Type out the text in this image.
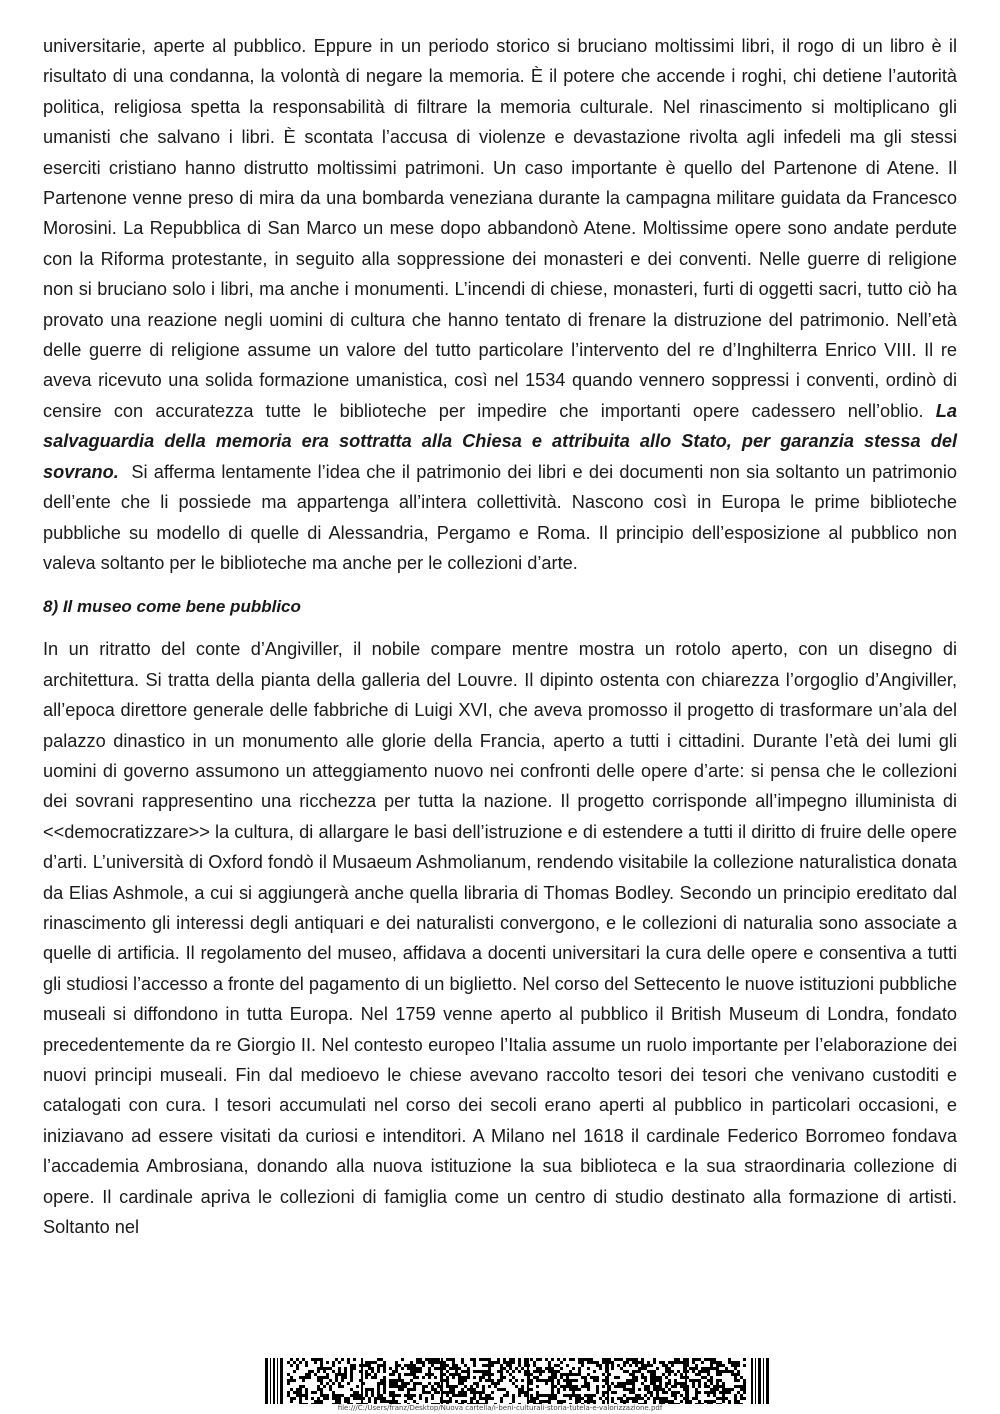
universitarie, aperte al pubblico. Eppure in un periodo storico si bruciano moltissimi libri, il rogo di un libro è il risultato di una condanna, la volontà di negare la memoria. È il potere che accende i roghi, chi detiene l’autorità politica, religiosa spetta la responsabilità di filtrare la memoria culturale. Nel rinascimento si moltiplicano gli umanisti che salvano i libri. È scontata l’accusa di violenze e devastazione rivolta agli infedeli ma gli stessi eserciti cristiano hanno distrutto moltissimi patrimoni. Un caso importante è quello del Partenone di Atene. Il Partenone venne preso di mira da una bombarda veneziana durante la campagna militare guidata da Francesco Morosini. La Repubblica di San Marco un mese dopo abbandonò Atene. Moltissime opere sono andate perdute con la Riforma protestante, in seguito alla soppressione dei monasteri e dei conventi. Nelle guerre di religione non si bruciano solo i libri, ma anche i monumenti. L’incendi di chiese, monasteri, furti di oggetti sacri, tutto ciò ha provato una reazione negli uomini di cultura che hanno tentato di frenare la distruzione del patrimonio. Nell’età delle guerre di religione assume un valore del tutto particolare l’intervento del re d’Inghilterra Enrico VIII. Il re aveva ricevuto una solida formazione umanistica, così nel 1534 quando vennero soppressi i conventi, ordinò di censire con accuratezza tutte le biblioteche per impedire che importanti opere cadessero nell’oblio. La salvaguardia della memoria era sottratta alla Chiesa e attribuita allo Stato, per garanzia stessa del sovrano. Si afferma lentamente l’idea che il patrimonio dei libri e dei documenti non sia soltanto un patrimonio dell’ente che li possiede ma appartenga all’intera collettività. Nascono così in Europa le prime biblioteche pubbliche su modello di quelle di Alessandria, Pergamo e Roma. Il principio dell’esposizione al pubblico non valeva soltanto per le biblioteche ma anche per le collezioni d’arte.

8) Il museo come bene pubblico

In un ritratto del conte d’Angiviller, il nobile compare mentre mostra un rotolo aperto, con un disegno di architettura. Si tratta della pianta della galleria del Louvre. Il dipinto ostenta con chiarezza l’orgoglio d’Angiviller, all’epoca direttore generale delle fabbriche di Luigi XVI, che aveva promosso il progetto di trasformare un’ala del palazzo dinastico in un monumento alle glorie della Francia, aperto a tutti i cittadini. Durante l’età dei lumi gli uomini di governo assumono un atteggiamento nuovo nei confronti delle opere d’arte: si pensa che le collezioni dei sovrani rappresentino una ricchezza per tutta la nazione. Il progetto corrisponde all’impegno illuminista di <<democratizzare>> la cultura, di allargare le basi dell’istruzione e di estendere a tutti il diritto di fruire delle opere d’arti. L’università di Oxford fondò il Musaeum Ashmolianum, rendendo visitabile la collezione naturalistica donata da Elias Ashmole, a cui si aggiungerà anche quella libraria di Thomas Bodley. Secondo un principio ereditato dal rinascimento gli interessi degli antiquari e dei naturalisti convergono, e le collezioni di naturalia sono associate a quelle di artificia. Il regolamento del museo, affidava a docenti universitari la cura delle opere e consentiva a tutti gli studiosi l’accesso a fronte del pagamento di un biglietto. Nel corso del Settecento le nuove istituzioni pubbliche museali si diffondono in tutta Europa. Nel 1759 venne aperto al pubblico il British Museum di Londra, fondato precedentemente da re Giorgio II. Nel contesto europeo l’Italia assume un ruolo importante per l’elaborazione dei nuovi principi museali. Fin dal medioevo le chiese avevano raccolto tesori dei tesori che venivano custoditi e catalogati con cura. I tesori accumulati nel corso dei secoli erano aperti al pubblico in particolari occasioni, e iniziavano ad essere visitati da curiosi e intenditori. A Milano nel 1618 il cardinale Federico Borromeo fondava l’accademia Ambrosiana, donando alla nuova istituzione la sua biblioteca e la sua straordinaria collezione di opere. Il cardinale apriva le collezioni di famiglia come un centro di studio destinato alla formazione di artisti. Soltanto nel

file:///C:/Users/franz/Desktop/Nuova cartella/i-beni-culturali-storia-tutela-e-valorizzazione.pdf
